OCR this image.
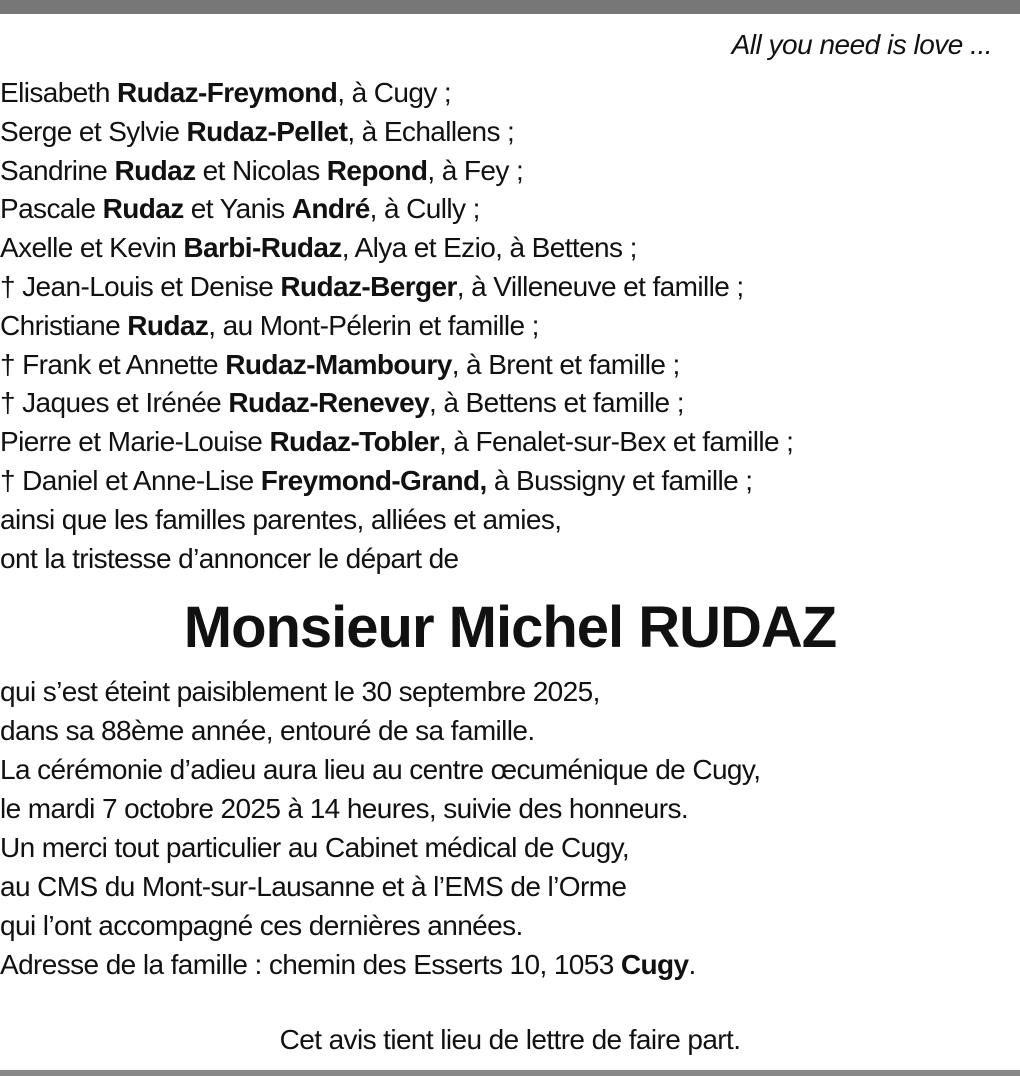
All you need is love ...
Elisabeth Rudaz-Freymond, à Cugy ;
Serge et Sylvie Rudaz-Pellet, à Echallens ;
Sandrine Rudaz et Nicolas Repond, à Fey ;
Pascale Rudaz et Yanis André, à Cully ;
Axelle et Kevin Barbi-Rudaz, Alya et Ezio, à Bettens ;
† Jean-Louis et Denise Rudaz-Berger, à Villeneuve et famille ;
Christiane Rudaz, au Mont-Pélerin et famille ;
† Frank et Annette Rudaz-Mamboury, à Brent et famille ;
† Jaques et Irénée Rudaz-Renevey, à Bettens et famille ;
Pierre et Marie-Louise Rudaz-Tobler, à Fenalet-sur-Bex et famille ;
† Daniel et Anne-Lise Freymond-Grand, à Bussigny et famille ;
ainsi que les familles parentes, alliées et amies,
ont la tristesse d’annoncer le départ de
Monsieur Michel RUDAZ
qui s’est éteint paisiblement le 30 septembre 2025,
dans sa 88ème année, entouré de sa famille.
La cérémonie d’adieu aura lieu au centre œcuménique de Cugy,
le mardi 7 octobre 2025 à 14 heures, suivie des honneurs.
Un merci tout particulier au Cabinet médical de Cugy,
au CMS du Mont-sur-Lausanne et à l’EMS de l’Orme
qui l’ont accompagné ces dernières années.
Adresse de la famille : chemin des Esserts 10, 1053 Cugy.
Cet avis tient lieu de lettre de faire part.
